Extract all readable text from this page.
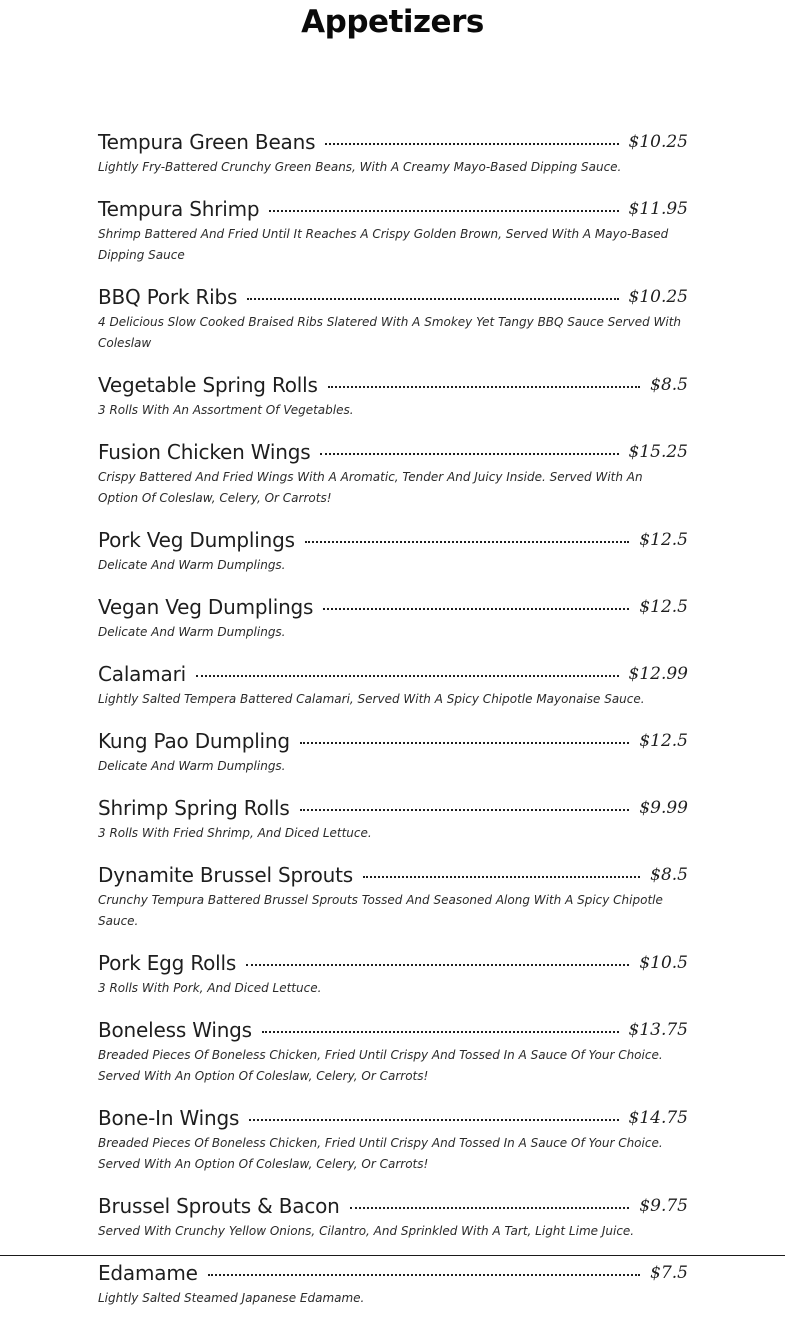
Appetizers
Tempura Green Beans	$10.25

Lightly Fry-Battered Crunchy Green Beans, With A Creamy Mayo-Based Dipping Sauce.

Tempura Shrimp	$11.95

Shrimp Battered And Fried Until It Reaches A Crispy Golden Brown, Served With A Mayo-Based Dipping Sauce

BBQ Pork Ribs	$10.25

4 Delicious Slow Cooked Braised Ribs Slatered With A Smokey Yet Tangy BBQ Sauce Served With Coleslaw

Vegetable Spring Rolls	$8.5

3 Rolls With An Assortment Of Vegetables.

Fusion Chicken Wings	$15.25

Crispy Battered And Fried Wings With A Aromatic, Tender And Juicy Inside. Served With An Option Of Coleslaw, Celery, Or Carrots!

Pork Veg Dumplings	$12.5

Delicate And Warm Dumplings.

Vegan Veg Dumplings	$12.5

Delicate And Warm Dumplings.

Calamari	$12.99

Lightly Salted Tempera Battered Calamari, Served With A Spicy Chipotle Mayonaise Sauce.

Kung Pao Dumpling	$12.5

Delicate And Warm Dumplings.

Shrimp Spring Rolls	$9.99

3 Rolls With Fried Shrimp, And Diced Lettuce.

Dynamite Brussel Sprouts	$8.5

Crunchy Tempura Battered Brussel Sprouts Tossed And Seasoned Along With A Spicy Chipotle Sauce.

Pork Egg Rolls	$10.5

3 Rolls With Pork, And Diced Lettuce.

Boneless Wings	$13.75

Breaded Pieces Of Boneless Chicken, Fried Until Crispy And Tossed In A Sauce Of Your Choice. Served With An Option Of Coleslaw, Celery, Or Carrots!

Bone-In Wings	$14.75

Breaded Pieces Of Boneless Chicken, Fried Until Crispy And Tossed In A Sauce Of Your Choice. Served With An Option Of Coleslaw, Celery, Or Carrots!

Brussel Sprouts & Bacon	$9.75

Served With Crunchy Yellow Onions, Cilantro, And Sprinkled With A Tart, Light Lime Juice.

Edamame	$7.5

Lightly Salted Steamed Japanese Edamame.
